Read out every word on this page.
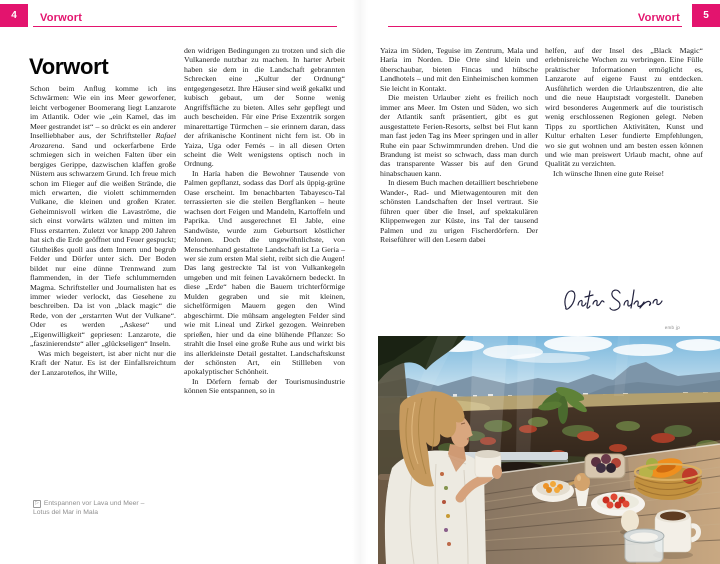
4 Vorwort
Vorwort

Schon beim Anflug komme ich ins Schwärmen: Wie ein ins Meer geworfener, leicht verbogener Boomerang liegt Lanzarote im Atlantik. Oder wie „ein Kamel, das im Meer gestrandet ist“ – so drückt es ein anderer Inselliebhaber aus, der Schriftsteller Rafael Arozarena. Sand und ockerfarbene Erde schmiegen sich in weichen Falten über ein bergiges Gerippe, dazwischen klaffen große Nüstern aus schwarzem Grund. Ich freue mich schon im Flieger auf die weißen Strände, die mich erwarten, die violett schimmernden Vulkane, die kleinen und großen Krater. Geheimnisvoll wirken die Lavaströme, die sich einst vorwärts wälzten und mitten im Fluss erstarrten. Zuletzt vor knapp 200 Jahren hat sich die Erde geöffnet und Feuer gespuckt; Glutheißes quoll aus dem Innern und begrub Felder und Dörfer unter sich. Der Boden bildet nur eine dünne Trennwand zum flammenden, in der Tiefe schlummernden Magma. Schriftsteller und Journalisten hat es immer wieder verlockt, das Gesehene zu beschreiben. Da ist von „black magic“ die Rede, von der „erstarrten Wut der Vulkane“. Oder es werden „Askese“ und „Eigenwilligkeit“ gepriesen: Lanzarote, die „faszinierendste“ aller „glückseligen“ Inseln.

Was mich begeistert, ist aber nicht nur die Kraft der Natur. Es ist der Einfallsreichtum der Lanzaroteños, ihr Wille,

den widrigen Bedingungen zu trotzen und sich die Vulkanerde nutzbar zu machen. In harter Arbeit haben sie dem in die Landschaft gebrannten Schrecken eine „Kultur der Ordnung“ entgegengesetzt. Ihre Häuser sind weiß gekalkt und kubisch gebaut, um der Sonne wenig Angriffsfläche zu bieten. Alles sehr gepflegt und auch bescheiden. Für eine Prise Exzentrik sorgen minarettartige Türmchen – sie erinnern daran, dass der afrikanische Kontinent nicht fern ist. Ob in Yaiza, Uga oder Femés – in all diesen Orten scheint die Welt wenigstens optisch noch in Ordnung.

In Haría haben die Bewohner Tausende von Palmen gepflanzt, sodass das Dorf als üppig-grüne Oase erscheint. Im benachbarten Tabayesco-Tal terrassierten sie die steilen Bergflanken – heute wachsen dort Feigen und Mandeln, Kartoffeln und Paprika. Und ausgerechnet El Jable, eine Sandwüste, wurde zum Geburtsort köstlicher Melonen. Doch die ungewöhnlichste, von Menschenhand gestaltete Landschaft ist La Geria – wer sie zum ersten Mal sieht, reibt sich die Augen! Das lang gestreckte Tal ist von Vulkankegeln umgeben und mit feinen Lavakörnern bedeckt. In diese „Erde“ haben die Bauern trichterförmige Mulden gegraben und sie mit kleinen, sichelförmigen Mauern gegen den Wind abgeschirmt. Die mühsam angelegten Felder sind wie mit Lineal und Zirkel gezogen. Weinreben sprießen, hier und da eine blühende Pflanze: So strahlt die Insel eine große Ruhe aus und wirkt bis ins allerkleinste Detail gestaltet. Landschaftskunst der schönsten Art, ein Stillleben von apokalyptischer Schönheit.

In Dörfern fernab der Tourismusindustrie können Sie entspannen, so in

▷ Entspannen vor Lava und Meer –
Lotus del Mar in Mala
Vorwort 5

Yaiza im Süden, Teguise im Zentrum, Mala und Haría im Norden. Die Orte sind klein und überschaubar, bieten Fincas und hübsche Landhotels – und mit den Einheimischen kommen Sie leicht in Kontakt.

Die meisten Urlauber zieht es freilich noch immer ans Meer. Im Osten und Süden, wo sich der Atlantik sanft präsentiert, gibt es gut ausgestattete Ferien-Resorts, selbst bei Flut kann man fast jeden Tag ins Meer springen und in aller Ruhe ein paar Schwimmrunden drehen. Und die Brandung ist meist so schwach, dass man durch das transparente Wasser bis auf den Grund hinabschauen kann.

In diesem Buch machen detailliert beschriebene Wander-, Rad- und Mietwagentouren mit den schönsten Landschaften der Insel vertraut. Sie führen quer über die Insel, auf spektakulären Klippenwegen zur Küste, ins Tal der tausend Palmen und zu urigen Fischerdörfern. Der Reiseführer will den Lesern dabei

helfen, auf der Insel des „Black Magic“ erlebnisreiche Wochen zu verbringen. Eine Fülle praktischer Informationen ermöglicht es, Lanzarote auf eigene Faust zu entdecken. Ausführlich werden die Urlaubszentren, die alte und die neue Hauptstadt vorgestellt. Daneben wird besonderes Augenmerk auf die touristisch wenig erschlossenen Regionen gelegt. Neben Tipps zu sportlichen Aktivitäten, Kunst und Kultur erhalten Leser fundierte Empfehlungen, wo sie gut wohnen und am besten essen können und wie man preiswert Urlaub macht, ohne auf Qualität zu verzichten.

Ich wünsche Ihnen eine gute Reise!

emb jp
